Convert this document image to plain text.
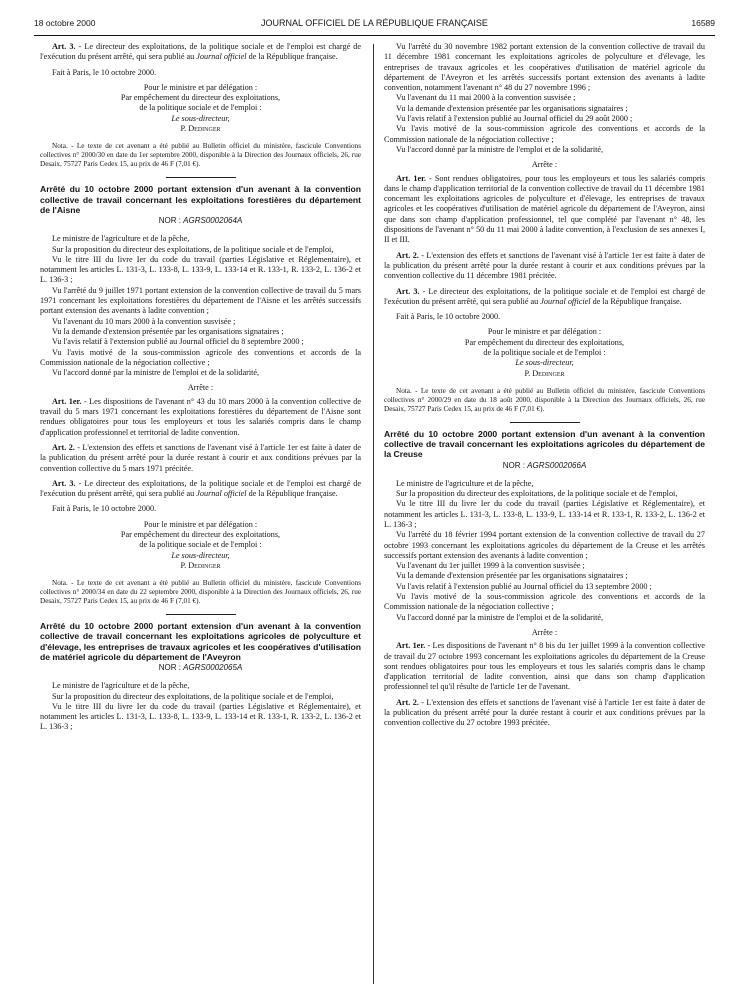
18 octobre 2000	JOURNAL OFFICIEL DE LA RÉPUBLIQUE FRANÇAISE	16589

Art. 3. - Le directeur des exploitations, de la politique sociale et de l'emploi est chargé de l'exécution du présent arrêté, qui sera publié au Journal officiel de la République française.

Fait à Paris, le 10 octobre 2000.

Pour le ministre et par délégation :

Par empêchement du directeur des exploitations,

de la politique sociale et de l'emploi :

Le sous-directeur,

P. Dedinger

Nota. - Le texte de cet avenant a été publié au Bulletin officiel du ministère, fascicule Conventions collectives n° 2000/30 en date du 1er septembre 2000, disponible à la Direction des Journaux officiels, 26, rue Desaix, 75727 Paris Cedex 15, au prix de 46 F (7,01 €).

Arrêté du 10 octobre 2000 portant extension d'un avenant à la convention collective de travail concernant les exploitations forestières du département de l'Aisne

NOR : AGRS0002064A

Le ministre de l'agriculture et de la pêche,

Sur la proposition du directeur des exploitations, de la politique sociale et de l'emploi,

Vu le titre III du livre Ier du code du travail (parties Législative et Réglementaire), et notamment les articles L. 131-3, L. 133-8, L. 133-9, L. 133-14 et R. 133-1, R. 133-2, L. 136-2 et L. 136-3 ;

Vu l'arrêté du 9 juillet 1971 portant extension de la convention collective de travail du 5 mars 1971 concernant les exploitations forestières du département de l'Aisne et les arrêtés successifs portant extension des avenants à ladite convention ;

Vu l'avenant du 10 mars 2000 à la convention susvisée ;

Vu la demande d'extension présentée par les organisations signataires ;

Vu l'avis relatif à l'extension publié au Journal officiel du 8 septembre 2000 ;

Vu l'avis motivé de la sous-commission agricole des conventions et accords de la Commission nationale de la négociation collective ;

Vu l'accord donné par la ministre de l'emploi et de la solidarité,

Arrête :

Art. 1er. - Les dispositions de l'avenant n° 43 du 10 mars 2000 à la convention collective de travail du 5 mars 1971 concernant les exploitations forestières du département de l'Aisne sont rendues obligatoires pour tous les employeurs et tous les salariés compris dans le champ d'application professionnel et territorial de ladite convention.

Art. 2. - L'extension des effets et sanctions de l'avenant visé à l'article 1er est faite à dater de la publication du présent arrêté pour la durée restant à courir et aux conditions prévues par la convention collective du 5 mars 1971 précitée.

Art. 3. - Le directeur des exploitations, de la politique sociale et de l'emploi est chargé de l'exécution du présent arrêté, qui sera publié au Journal officiel de la République française.

Fait à Paris, le 10 octobre 2000.

Pour le ministre et par délégation :

Par empêchement du directeur des exploitations,

de la politique sociale et de l'emploi :

Le sous-directeur,

P. Dedinger

Nota. - Le texte de cet avenant a été publié au Bulletin officiel du ministère, fascicule Conventions collectives n° 2000/34 en date du 22 septembre 2000, disponible à la Direction des Journaux officiels, 26, rue Desaix, 75727 Paris Cedex 15, au prix de 46 F (7,01 €).

Arrêté du 10 octobre 2000 portant extension d'un avenant à la convention collective de travail concernant les exploitations agricoles de polyculture et d'élevage, les entreprises de travaux agricoles et les coopératives d'utilisation de matériel agricole du département de l'Aveyron

NOR : AGRS0002065A

Le ministre de l'agriculture et de la pêche,

Sur la proposition du directeur des exploitations, de la politique sociale et de l'emploi,

Vu le titre III du livre Ier du code du travail (parties Législative et Réglementaire), et notamment les articles L. 131-3, L. 133-8, L. 133-9, L. 133-14 et R. 133-1, R. 133-2, L. 136-2 et L. 136-3 ;

Vu l'arrêté du 30 novembre 1982 portant extension de la convention collective de travail du 11 décembre 1981 concernant les exploitations agricoles de polyculture et d'élevage, les entreprises de travaux agricoles et les coopératives d'utilisation de matériel agricole du département de l'Aveyron et les arrêtés successifs portant extension des avenants à ladite convention, notamment l'avenant n° 48 du 27 novembre 1996 ;

Vu l'avenant du 11 mai 2000 à la convention susvisée ;

Vu la demande d'extension présentée par les organisations signataires ;

Vu l'avis relatif à l'extension publié au Journal officiel du 29 août 2000 ;

Vu l'avis motivé de la sous-commission agricole des conventions et accords de la Commission nationale de la négociation collective ;

Vu l'accord donné par la ministre de l'emploi et de la solidarité,

Arrête :

Art. 1er. - Sont rendues obligatoires, pour tous les employeurs et tous les salariés compris dans le champ d'application territorial de la convention collective de travail du 11 décembre 1981 concernant les exploitations agricoles de polyculture et d'élevage, les entreprises de travaux agricoles et les coopératives d'utilisation de matériel agricole du département de l'Aveyron, ainsi que dans son champ d'application professionnel, tel que complété par l'avenant n° 48, les dispositions de l'avenant n° 50 du 11 mai 2000 à ladite convention, à l'exclusion de ses annexes I, II et III.

Art. 2. - L'extension des effets et sanctions de l'avenant visé à l'article 1er est faite à dater de la publication du présent arrêté pour la durée restant à courir et aux conditions prévues par la convention collective du 11 décembre 1981 précitée.

Art. 3. - Le directeur des exploitations, de la politique sociale et de l'emploi est chargé de l'exécution du présent arrêté, qui sera publié au Journal officiel de la République française.

Fait à Paris, le 10 octobre 2000.

Pour le ministre et par délégation :

Par empêchement du directeur des exploitations,

de la politique sociale et de l'emploi :

Le sous-directeur,

P. Dedinger

Nota. - Le texte de cet avenant a été publié au Bulletin officiel du ministère, fascicule Conventions collectives n° 2000/29 en date du 18 août 2000, disponible à la Direction des Journaux officiels, 26, rue Desaix, 75727 Paris Cedex 15, au prix de 46 F (7,01 €).

Arrêté du 10 octobre 2000 portant extension d'un avenant à la convention collective de travail concernant les exploitations agricoles du département de la Creuse

NOR : AGRS0002066A

Le ministre de l'agriculture et de la pêche,

Sur la proposition du directeur des exploitations, de la politique sociale et de l'emploi,

Vu le titre III du livre Ier du code du travail (parties Législative et Réglementaire), et notamment les articles L. 131-3, L. 133-8, L. 133-9, L. 133-14 et R. 133-1, R. 133-2, L. 136-2 et L. 136-3 ;

Vu l'arrêté du 18 février 1994 portant extension de la convention collective de travail du 27 octobre 1993 concernant les exploitations agricoles du département de la Creuse et les arrêtés successifs portant extension des avenants à ladite convention ;

Vu l'avenant du 1er juillet 1999 à la convention susvisée ;

Vu la demande d'extension présentée par les organisations signataires ;

Vu l'avis relatif à l'extension publié au Journal officiel du 13 septembre 2000 ;

Vu l'avis motivé de la sous-commission agricole des conventions et accords de la Commission nationale de la négociation collective ;

Vu l'accord donné par la ministre de l'emploi et de la solidarité,

Arrête :

Art. 1er. - Les dispositions de l'avenant n° 8 bis du 1er juillet 1999 à la convention collective de travail du 27 octobre 1993 concernant les exploitations agricoles du département de la Creuse sont rendues obligatoires pour tous les employeurs et tous les salariés compris dans le champ d'application territorial de ladite convention, ainsi que dans son champ d'application professionnel tel qu'il résulte de l'article 1er de l'avenant.

Art. 2. - L'extension des effets et sanctions de l'avenant visé à l'article 1er est faite à dater de la publication du présent arrêté pour la durée restant à courir et aux conditions prévues par la convention collective du 27 octobre 1993 précitée.
